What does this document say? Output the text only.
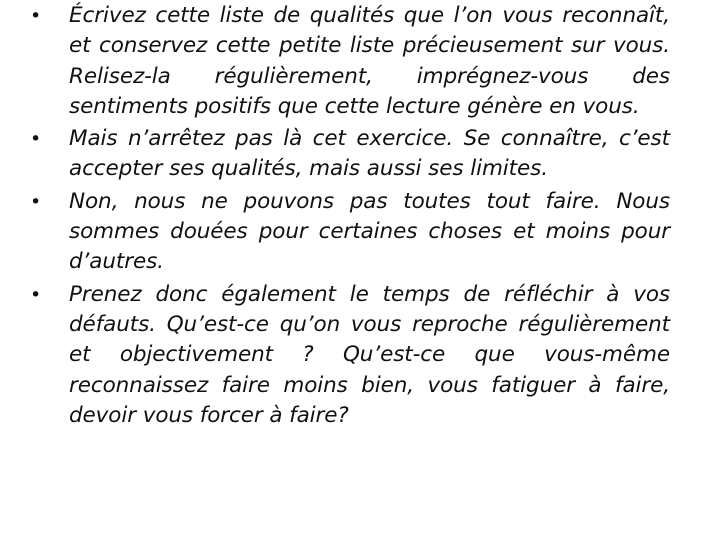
• Écrivez cette liste de qualités que l’on vous reconnaît, et conservez cette petite liste précieusement sur vous. Relisez-la régulièrement, imprégnez-vous des sentiments positifs que cette lecture génère en vous.
• Mais n’arrêtez pas là cet exercice. Se connaître, c’est accepter ses qualités, mais aussi ses limites.
• Non, nous ne pouvons pas toutes tout faire. Nous sommes douées pour certaines choses et moins pour d’autres.
• Prenez donc également le temps de réfléchir à vos défauts. Qu’est-ce qu’on vous reproche régulièrement et objectivement ? Qu’est-ce que vous-même reconnaissez faire moins bien, vous fatiguer à faire, devoir vous forcer à faire?
